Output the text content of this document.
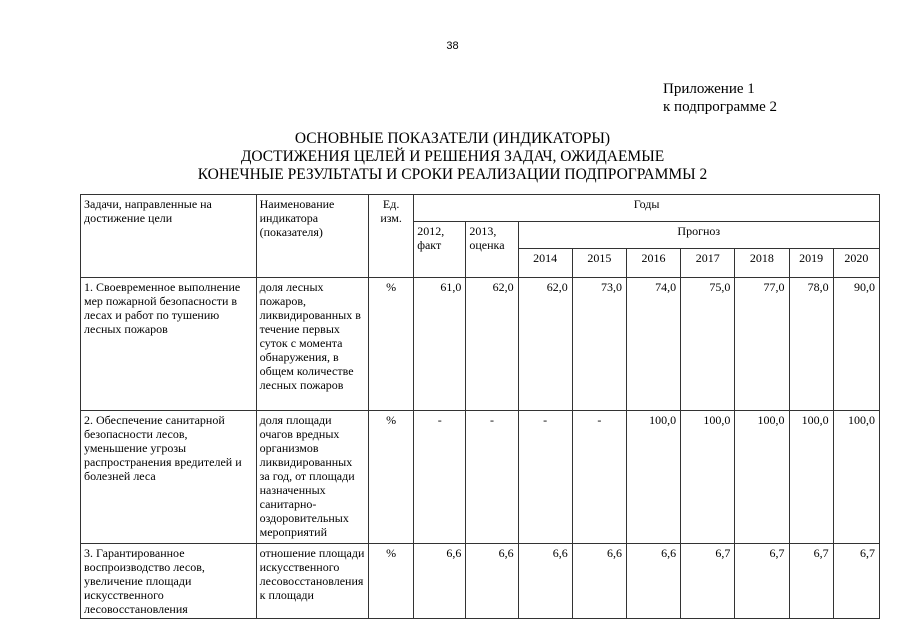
38
Приложение 1
к подпрограмме 2
ОСНОВНЫЕ ПОКАЗАТЕЛИ (ИНДИКАТОРЫ)
ДОСТИЖЕНИЯ ЦЕЛЕЙ И РЕШЕНИЯ ЗАДАЧ, ОЖИДАЕМЫЕ
КОНЕЧНЫЕ РЕЗУЛЬТАТЫ И СРОКИ РЕАЛИЗАЦИИ ПОДПРОГРАММЫ 2
Задачи, направленные на достижение цели	Наименование индикатора (показателя)	Ед. изм.	Годы								
			2012, факт	2013, оценка	Прогноз						
					2014	2015	2016	2017	2018	2019	2020
1. Своевременное выполнение мер пожарной безопасности в лесах и работ по тушению лесных пожаров	доля лесных пожаров, ликвидированных в течение первых суток с момента обнаружения, в общем количестве лесных пожаров	%	61,0	62,0	62,0	73,0	74,0	75,0	77,0	78,0	90,0
2. Обеспечение санитарной безопасности лесов, уменьшение угрозы распространения вредителей и болезней леса	доля площади очагов вредных организмов ликвидированных за год, от площади назначенных санитарно-оздоровительных мероприятий	%	-	-	-	-	100,0	100,0	100,0	100,0	100,0
3. Гарантированное воспроизводство лесов, увеличение площади искусственного лесовосстановления	отношение площади искусственного лесовосстановления к площади	%	6,6	6,6	6,6	6,6	6,6	6,7	6,7	6,7	6,7
